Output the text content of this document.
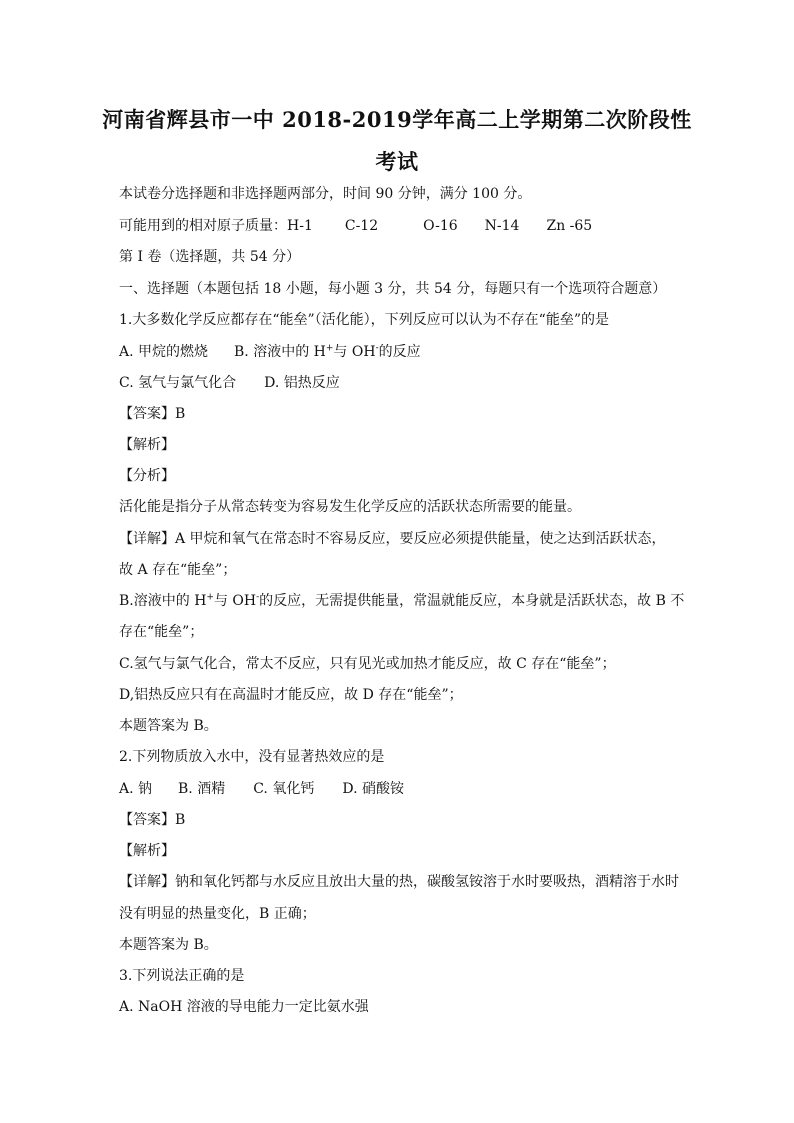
河南省辉县市一中 2018-2019学年高二上学期第二次阶段性
考试
本试卷分选择题和非选择题两部分，时间 90 分钟，满分 100 分。
可能用到的相对原子质量：H-1 C-12	O-16 N-14 Zn -65
第 I 卷（选择题，共 54 分）
一、选择题（本题包括 18 小题，每小题 3 分，共 54 分，每题只有一个选项符合题意）
1.大多数化学反应都存在“能垒”（活化能），下列反应可以认为不存在“能垒”的是
A. 甲烷的燃烧 B. 溶液中的 H+与 OH-的反应
C. 氢气与氯气化合 D. 铝热反应
【答案】B
【解析】
【分析】
活化能是指分子从常态转变为容易发生化学反应的活跃状态所需要的能量。
【详解】A 甲烷和氧气在常态时不容易反应，要反应必须提供能量，使之达到活跃状态，
故 A 存在“能垒”；
B.溶液中的 H+与 OH-的反应，无需提供能量，常温就能反应，本身就是活跃状态，故 B 不
存在“能垒”；
C.氢气与氯气化合，常太不反应，只有见光或加热才能反应，故 C 存在“能垒”；
D,铝热反应只有在高温时才能反应，故 D 存在“能垒”；
本题答案为 B。
2.下列物质放入水中，没有显著热效应的是
A. 钠 B. 酒精 C. 氧化钙 D. 硝酸铵
【答案】B
【解析】
【详解】钠和氧化钙都与水反应且放出大量的热，碳酸氢铵溶于水时要吸热，酒精溶于水时
没有明显的热量变化，B 正确；
本题答案为 B。
3.下列说法正确的是
A. NaOH 溶液的导电能力一定比氨水强
